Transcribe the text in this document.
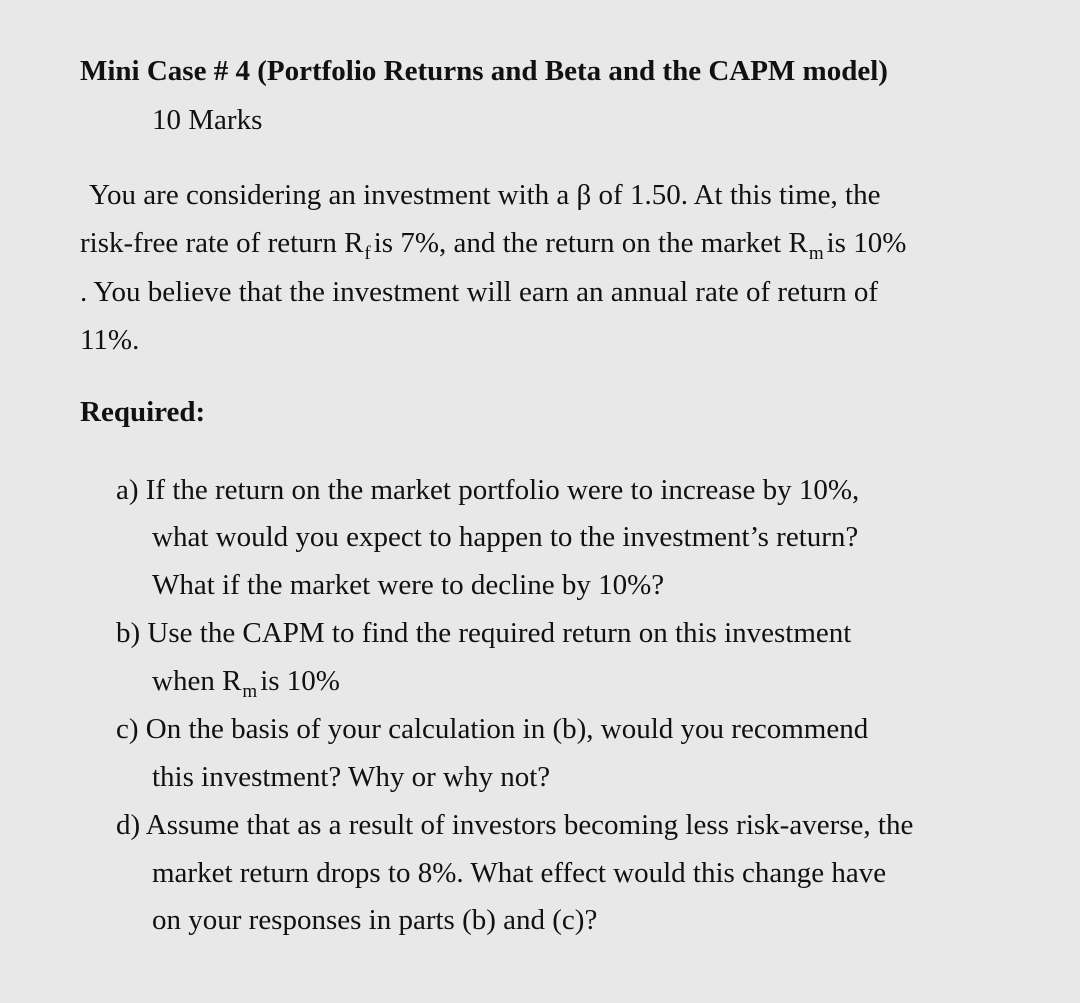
Mini Case # 4 (Portfolio Returns and Beta and the CAPM model)
10 Marks
You are considering an investment with a β of 1.50. At this time, the
risk-free rate of return $R_f$ is 7%, and the return on the market $R_m$ is 10%
. You believe that the investment will earn an annual rate of return of
11%.
Required:
a) If the return on the market portfolio were to increase by 10%,
what would you expect to happen to the investment’s return?
What if the market were to decline by 10%?
b) Use the CAPM to find the required return on this investment
when $R_m$ is 10%
c) On the basis of your calculation in (b), would you recommend
this investment? Why or why not?
d) Assume that as a result of investors becoming less risk-averse, the
market return drops to 8%. What effect would this change have
on your responses in parts (b) and (c)?
